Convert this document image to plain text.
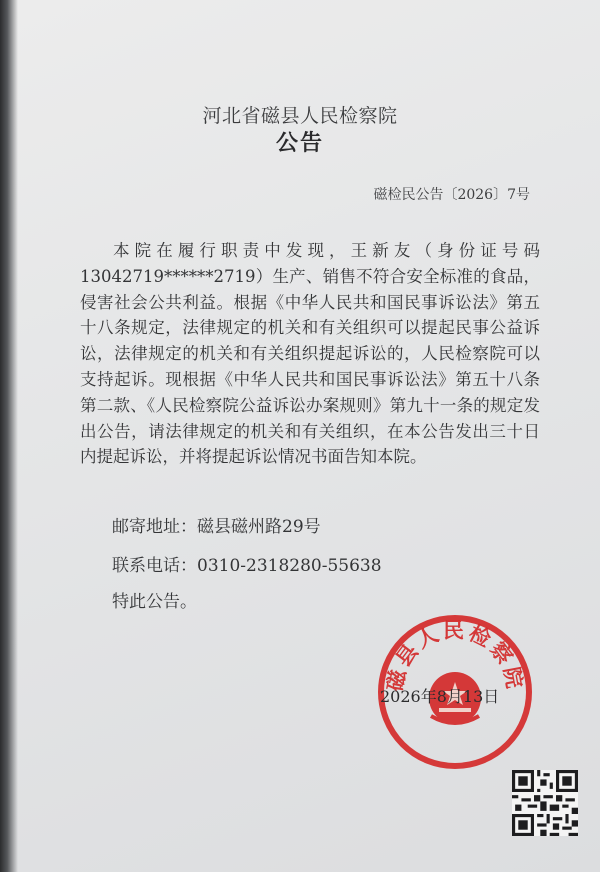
河北省磁县人民检察院
公告
磁检民公告〔2026〕7号

本院在履行职责中发现，王新友（身份证号码13042719******2719）生产、销售不符合安全标准的食品，侵害社会公共利益。根据《中华人民共和国民事诉讼法》第五十八条规定，法律规定的机关和有关组织可以提起民事公益诉讼，法律规定的机关和有关组织提起诉讼的，人民检察院可以支持起诉。现根据《中华人民共和国民事诉讼法》第五十八条第二款、《人民检察院公益诉讼办案规则》第九十一条的规定发出公告，请法律规定的机关和有关组织，在本公告发出三十日内提起诉讼，并将提起诉讼情况书面告知本院。

邮寄地址：磁县磁州路29号
联系电话：0310-2318280-55638
特此公告。
磁县人民检察院
2026年8月13日
